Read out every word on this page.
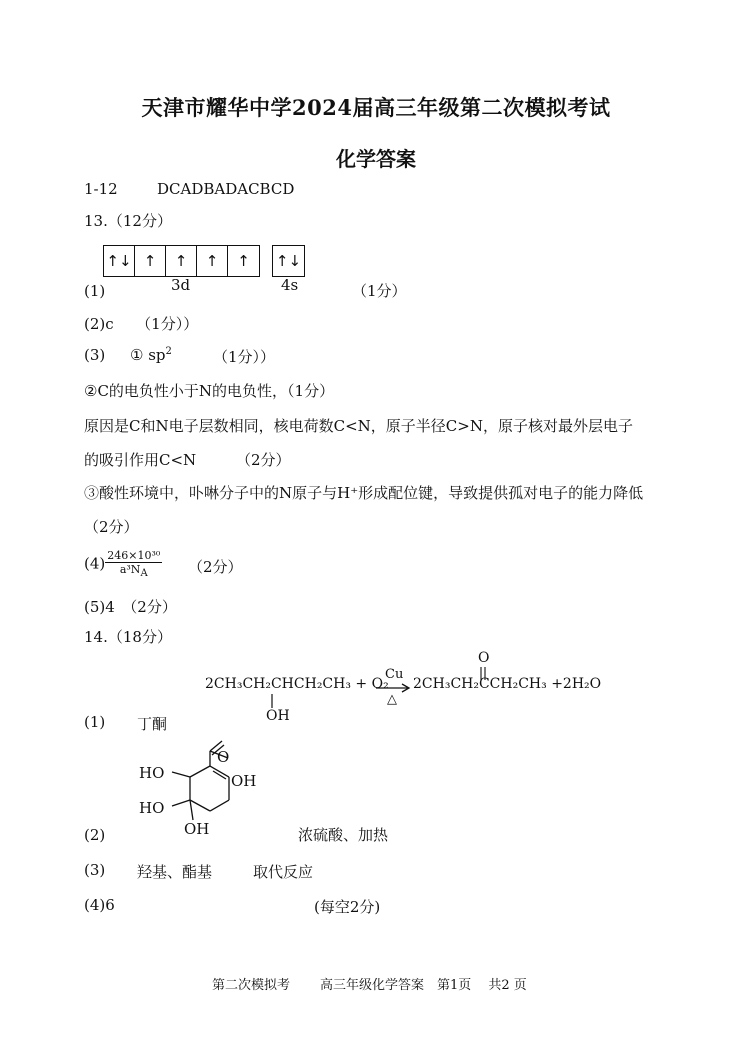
天津市耀华中学2024届高三年级第二次模拟考试
化学答案
1-12	DCADBADACBCD
13.（12分）
↑↓ ↑	↑	↑	↑	↑↓
(1)	3d	4s	（1分）
(2)c　　（1分））
(3) ① $sp^2$	（1分））
②C的电负性小于N的电负性，（1分）
原因是C和N电子层数相同，核电荷数C<N，原子半径C>N，原子核对最外层电子
的吸引作用C<N	（2分）
③酸性环境中，卟啉分子中的N原子与H⁺形成配位键，导致提供孤对电子的能力降低
（2分）
$(4) \frac{\text{246×10³⁰}}{a^3N_A} (2$分）
(5)4　（2分）
14.（18分）
2CH₃CH₂CHCH₂CH₃ + O₂
OH
Cu
△
2CH₃CH₂CCH₂CH₃ +2H₂O
O
(1) 丁酮
HO
HO
OH
O
OH
(2)	浓硫酸、加热
(3) 羟基、酯基	取代反应
(4)6	(每空2分)
第二次模拟考 高三年级化学答案　第1页　 共2 页
